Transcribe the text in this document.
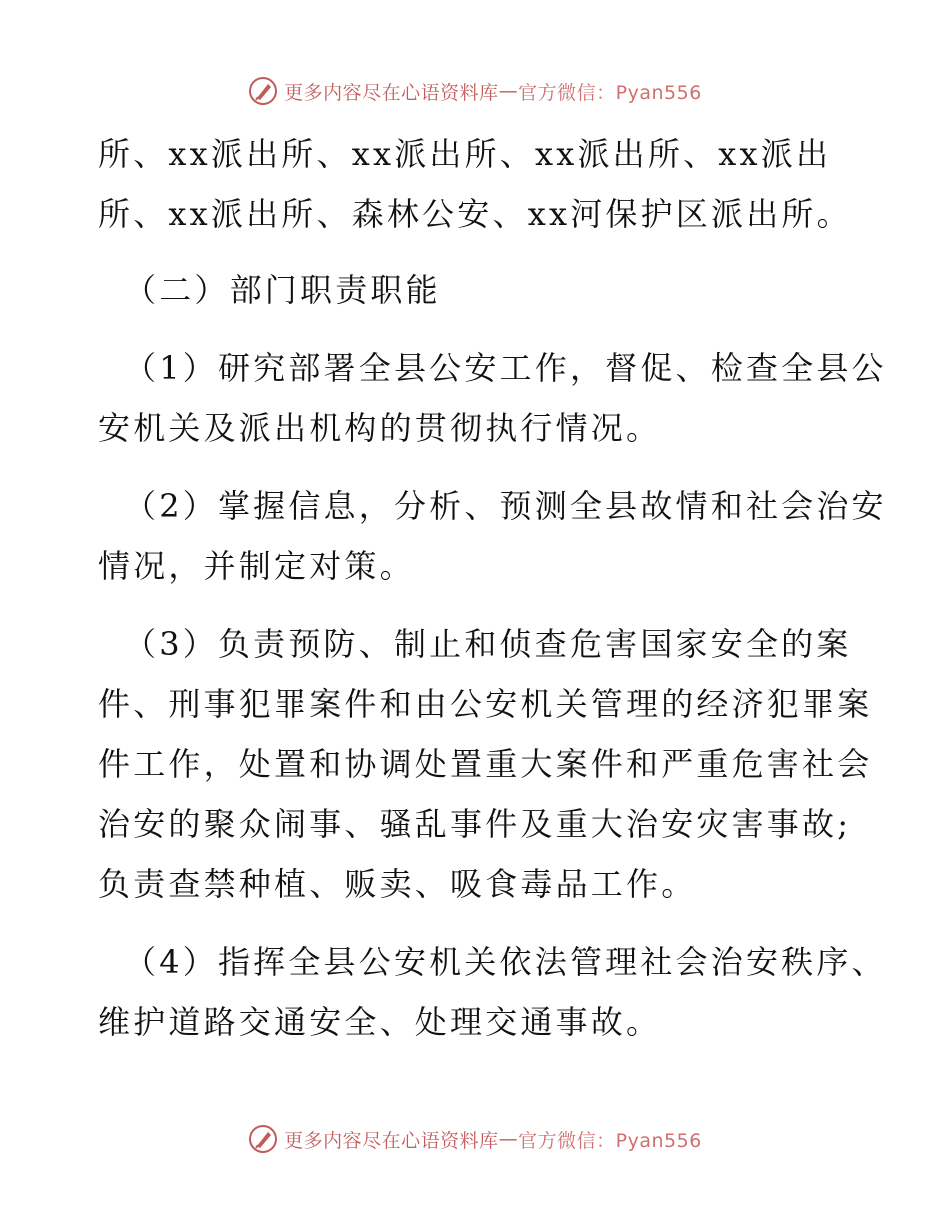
更多内容尽在心语资料库 — 官方微信：Pyan556
所、xx派出所、xx派出所、xx派出所、xx派出
所、xx派出所、森林公安、xx河保护区派出所。
（二）部门职责职能
（1）研究部署全县公安工作，督促、检查全县公
安机关及派出机构的贯彻执行情况。
（2）掌握信息，分析、预测全县故情和社会治安
情况，并制定对策。
（3）负责预防、制止和侦查危害国家安全的案
件、刑事犯罪案件和由公安机关管理的经济犯罪案
件工作，处置和协调处置重大案件和严重危害社会
治安的聚众闹事、骚乱事件及重大治安灾害事故;
负责查禁种植、贩卖、吸食毒品工作。
（4）指挥全县公安机关依法管理社会治安秩序、
维护道路交通安全、处理交通事故。
更多内容尽在心语资料库 — 官方微信：Pyan556
